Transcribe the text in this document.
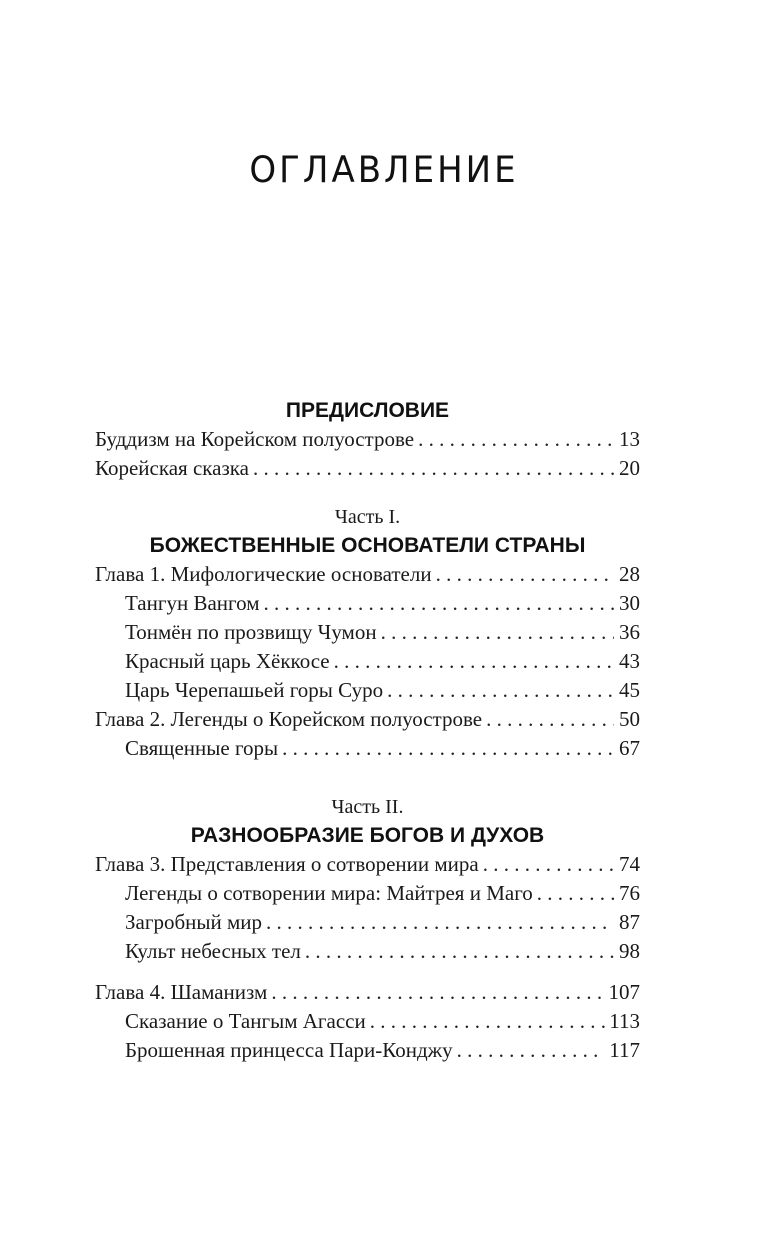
ОГЛАВЛЕНИЕ
ПРЕДИСЛОВИЕ
Буддизм на Корейском полуострове . . .	13
Корейская сказка . . .	20
Часть I.
БОЖЕСТВЕННЫЕ ОСНОВАТЕЛИ СТРАНЫ
Глава 1. Мифологические основатели . . .	28
Тангун Вангом . . .	30
Тонмён по прозвищу Чумон . . .	36
Красный царь Хёккосе . . .	43
Царь Черепашьей горы Суро . . .	45
Глава 2. Легенды о Корейском полуострове . . .	50
Священные горы . . .	67
Часть II.
РАЗНООБРАЗИЕ БОГОВ И ДУХОВ
Глава 3. Представления о сотворении мира . . .	74
Легенды о сотворении мира: Майтрея и Маго . . .	76
Загробный мир . . .	87
Культ небесных тел . . .	98
Глава 4. Шаманизм . . .	107
Сказание о Тангым Агасси . . .	113
Брошенная принцесса Пари-Конджу . . .	117
